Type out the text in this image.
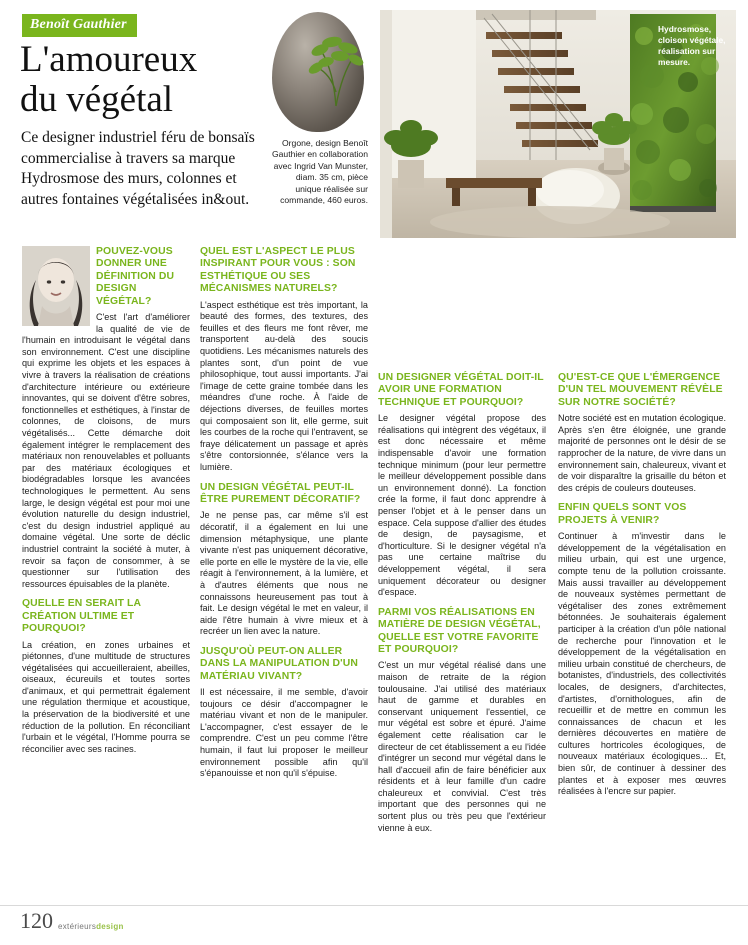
Hydrosmose, cloison végétale, réalisation sur mesure.
Benoît Gauthier
L'amoureux
du végétal
Ce designer industriel féru de bonsaïs commercialise à travers sa marque Hydrosmose des murs, colonnes et autres fontaines végétalisées in&out.
Orgone, design Benoît Gauthier en collaboration avec Ingrid Van Munster, diam. 35 cm, pièce unique réalisée sur commande, 460 euros.
POUVEZ-VOUS DONNER UNE DÉFINITION DU DESIGN VÉGÉTAL?

C'est l'art d'améliorer la qualité de vie de l'humain en introduisant le végétal dans son environnement. C'est une discipline qui exprime les objets et les espaces à vivre à travers la réalisation de créations d'architecture intérieure ou extérieure innovantes, qui se doivent d'être sobres, fonctionnelles et esthétiques, à l'instar de colonnes, de cloisons, de murs végétalisés... Cette démarche doit également intégrer le remplacement des matériaux non renouvelables et polluants par des matériaux écologiques et biodégradables lorsque les avancées technologiques le permettent. Au sens large, le design végétal est pour moi une évolution naturelle du design industriel, c'est du design industriel appliqué au domaine végétal. Une sorte de déclic industriel contraint la société à muter, à revoir sa façon de consommer, à se questionner sur l'utilisation des ressources épuisables de la planète.

QUELLE EN SERAIT LA CRÉATION ULTIME ET POURQUOI?

La création, en zones urbaines et piétonnes, d'une multitude de structures végétalisées qui accueilleraient, abeilles, oiseaux, écureuils et toutes sortes d'animaux, et qui permettrait également une régulation thermique et acoustique, la préservation de la biodiversité et une réduction de la pollution. En réconciliant l'urbain et le végétal, l'Homme pourra se réconcilier avec ses racines.

QUEL EST L'ASPECT LE PLUS INSPIRANT POUR VOUS : SON ESTHÉTIQUE OU SES MÉCANISMES NATURELS?

L'aspect esthétique est très important, la beauté des formes, des textures, des feuilles et des fleurs me font rêver, me transportent au-delà des soucis quotidiens. Les mécanismes naturels des plantes sont, d'un point de vue philosophique, tout aussi importants. J'ai l'image de cette graine tombée dans les méandres d'une roche. À l'aide de déjections diverses, de feuilles mortes qui composaient son lit, elle germe, suit les courbes de la roche qui l'entravent, se fraye délicatement un passage et après s'être contorsionnée, s'élance vers la lumière.

UN DESIGN VÉGÉTAL PEUT-IL ÊTRE PUREMENT DÉCORATIF?

Je ne pense pas, car même s'il est décoratif, il a également en lui une dimension métaphysique, une plante vivante n'est pas uniquement décorative, elle porte en elle le mystère de la vie, elle réagit à l'environnement, à la lumière, et à d'autres éléments que nous ne connaissons heureusement pas tout à fait. Le design végétal le met en valeur, il aide l'être humain à vivre mieux et à recréer un lien avec la nature.

JUSQU'OÙ PEUT-ON ALLER DANS LA MANIPULATION D'UN MATÉRIAU VIVANT?

Il est nécessaire, il me semble, d'avoir toujours ce désir d'accompagner le matériau vivant et non de le manipuler. L'accompagner, c'est essayer de le comprendre. C'est un peu comme l'être humain, il faut lui proposer le meilleur environnement possible afin qu'il s'épanouisse et non qu'il s'épuise.

UN DESIGNER VÉGÉTAL DOIT-IL AVOIR UNE FORMATION TECHNIQUE ET POURQUOI?

Le designer végétal propose des réalisations qui intègrent des végétaux, il est donc nécessaire et même indispensable d'avoir une formation technique minimum (pour leur permettre le meilleur développement possible dans un environnement donné). La fonction crée la forme, il faut donc apprendre à penser l'objet et à le penser dans un espace. Cela suppose d'allier des études de design, de paysagisme, et d'horticulture. Si le designer végétal n'a pas une certaine maîtrise du développement végétal, il sera uniquement décorateur ou designer d'espace.

PARMI VOS RÉALISATIONS EN MATIÈRE DE DESIGN VÉGÉTAL, QUELLE EST VOTRE FAVORITE ET POURQUOI?

C'est un mur végétal réalisé dans une maison de retraite de la région toulousaine. J'ai utilisé des matériaux haut de gamme et durables en conservant uniquement l'essentiel, ce mur végétal est sobre et épuré. J'aime également cette réalisation car le directeur de cet établissement a eu l'idée d'intégrer un second mur végétal dans le hall d'accueil afin de faire bénéficier aux résidents et à leur famille d'un cadre chaleureux et convivial. C'est très important que des personnes qui ne sortent plus ou très peu que l'extérieur vienne à eux.

QU'EST-CE QUE L'ÉMERGENCE D'UN TEL MOUVEMENT RÉVÈLE SUR NOTRE SOCIÉTÉ?

Notre société est en mutation écologique. Après s'en être éloignée, une grande majorité de personnes ont le désir de se rapprocher de la nature, de vivre dans un environnement sain, chaleureux, vivant et de voir disparaître la grisaille du béton et des crépis de couleurs douteuses.

ENFIN QUELS SONT VOS PROJETS À VENIR?

Continuer à m'investir dans le développement de la végétalisation en milieu urbain, qui est une urgence, compte tenu de la pollution croissante. Mais aussi travailler au développement de nouveaux systèmes permettant de végétaliser des zones extrêmement bétonnées. Je souhaiterais également participer à la création d'un pôle national de recherche pour l'innovation et le développement de la végétalisation en milieu urbain constitué de chercheurs, de botanistes, d'industriels, des collectivités locales, de designers, d'architectes, d'artistes, d'ornithologues, afin de recueillir et de mettre en commun les connaissances de chacun et les dernières découvertes en matière de cultures hortricoles écologiques, de nouveaux matériaux écologiques... Et, bien sûr, de continuer à dessiner des plantes et à exposer mes œuvres réalisées à l'encre sur papier.

120 extérieursdesign
